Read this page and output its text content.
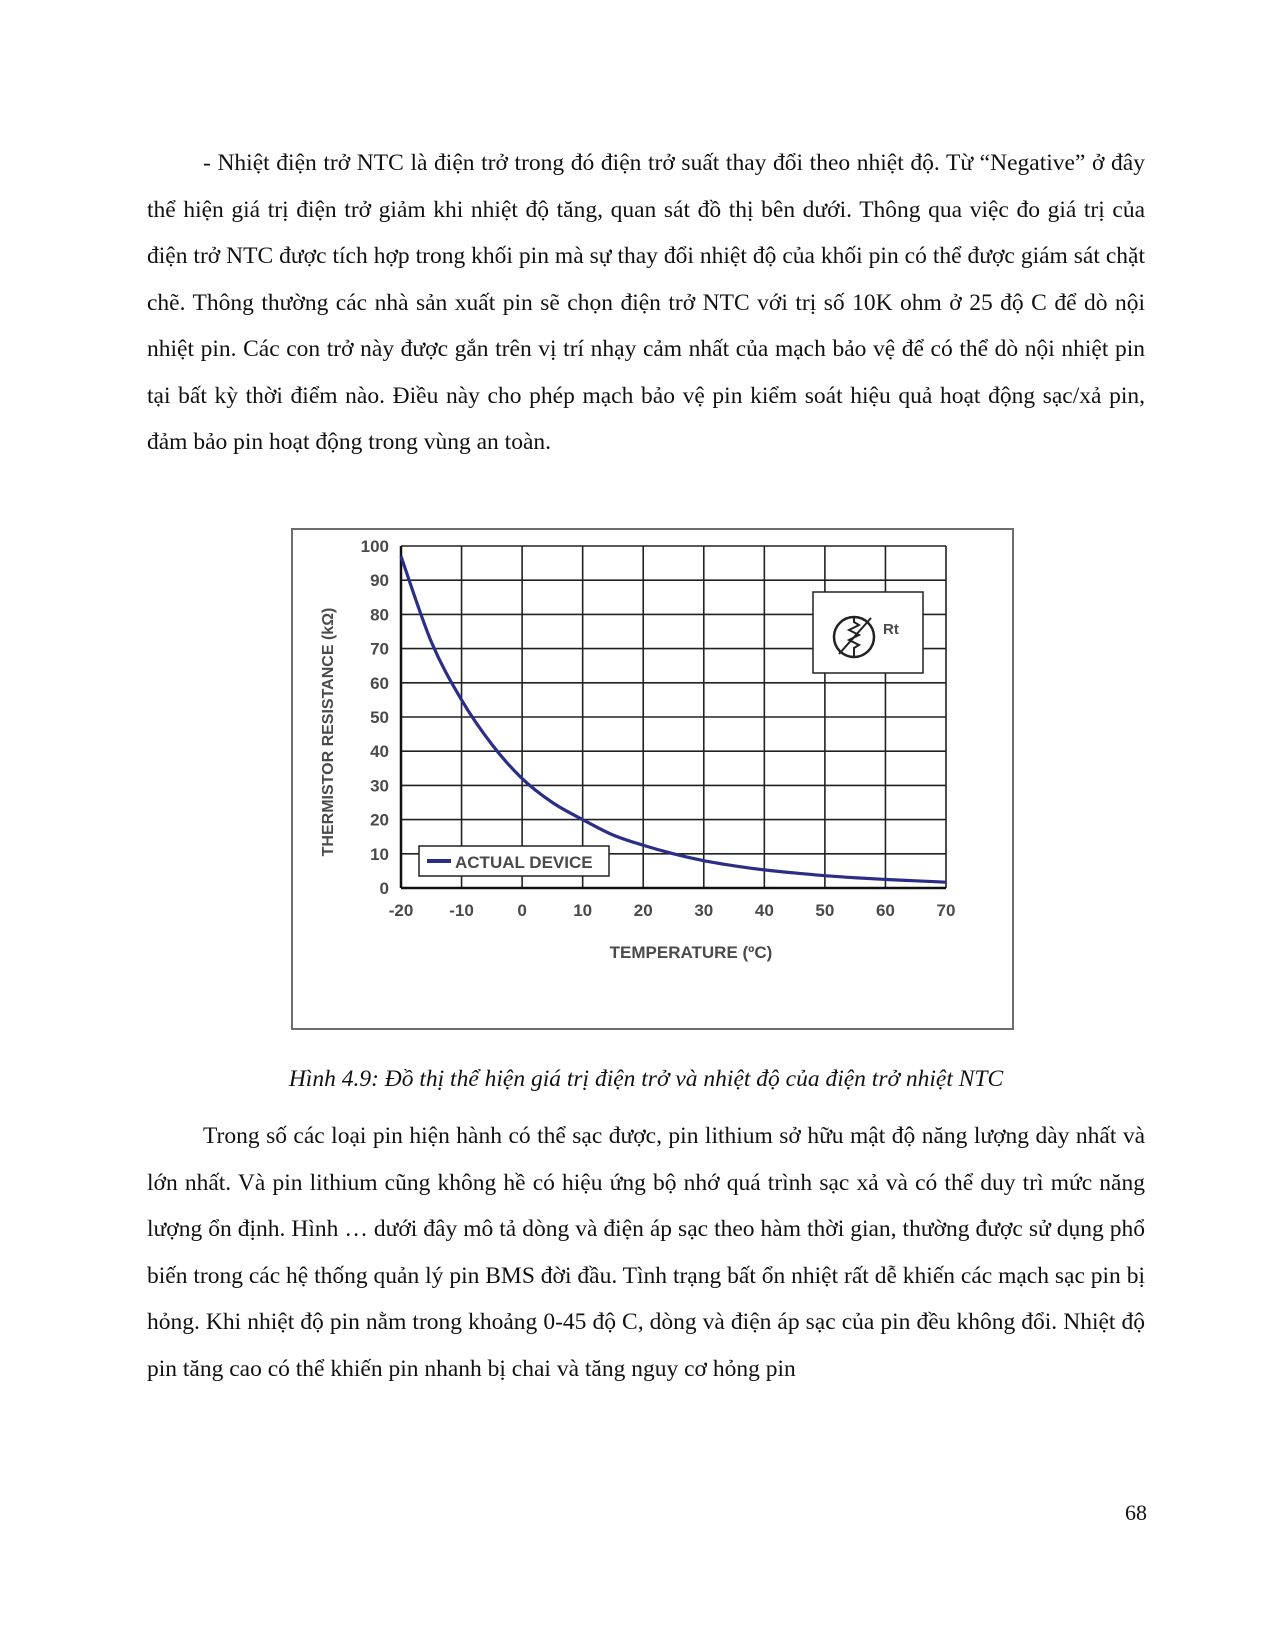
- Nhiệt điện trở NTC là điện trở trong đó điện trở suất thay đổi theo nhiệt độ. Từ “Negative” ở đây thể hiện giá trị điện trở giảm khi nhiệt độ tăng, quan sát đồ thị bên dưới. Thông qua việc đo giá trị của điện trở NTC được tích hợp trong khối pin mà sự thay đổi nhiệt độ của khối pin có thể được giám sát chặt chẽ. Thông thường các nhà sản xuất pin sẽ chọn điện trở NTC với trị số 10K ohm ở 25 độ C để dò nội nhiệt pin. Các con trở này được gắn trên vị trí nhạy cảm nhất của mạch bảo vệ để có thể dò nội nhiệt pin tại bất kỳ thời điểm nào. Điều này cho phép mạch bảo vệ pin kiểm soát hiệu quả hoạt động sạc/xả pin, đảm bảo pin hoạt động trong vùng an toàn.

-20 -10	0	10 20 30 40 50 60 70
0
10
20
30
40
50
60
70
80
90
100
Rt
ACTUAL DEVICE
TEMPERATURE (ºC)
THERMISTOR RESISTANCE (kΩ)
Hình 4.9: Đồ thị thể hiện giá trị điện trở và nhiệt độ của điện trở nhiệt NTC

Trong số các loại pin hiện hành có thể sạc được, pin lithium sở hữu mật độ năng lượng dày nhất và lớn nhất. Và pin lithium cũng không hề có hiệu ứng bộ nhớ quá trình sạc xả và có thể duy trì mức năng lượng ổn định. Hình … dưới đây mô tả dòng và điện áp sạc theo hàm thời gian, thường được sử dụng phổ biến trong các hệ thống quản lý pin BMS đời đầu. Tình trạng bất ổn nhiệt rất dễ khiến các mạch sạc pin bị hỏng. Khi nhiệt độ pin nằm trong khoảng 0-45 độ C, dòng và điện áp sạc của pin đều không đổi. Nhiệt độ pin tăng cao có thể khiến pin nhanh bị chai và tăng nguy cơ hỏng pin

68
